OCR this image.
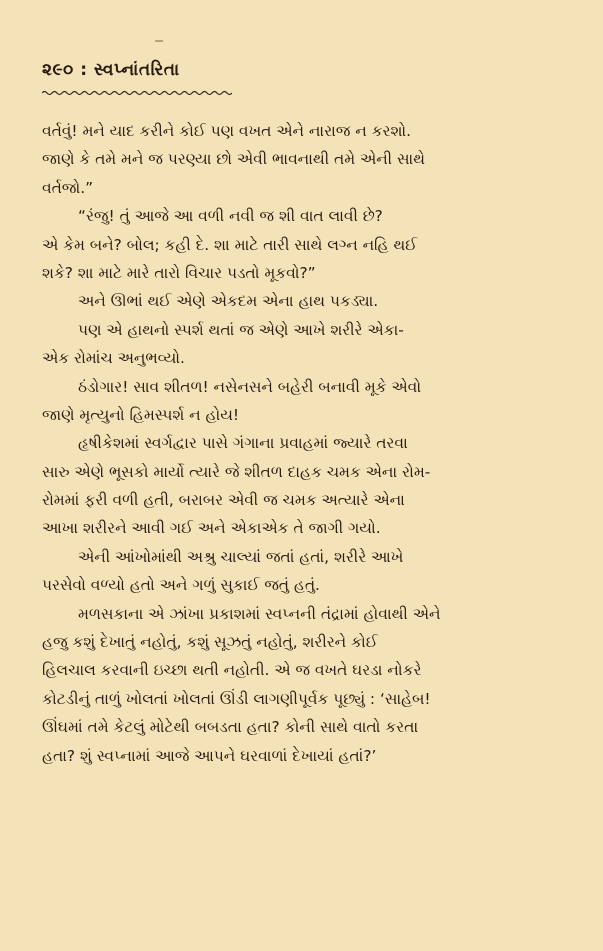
૨૯૦ : સ્વપ્નાંતરિતા
વર્તવું! મને યાદ કરીને કોઈ પણ વખત એને નારાજ ન કરશો.
જાણે કે તમે મને જ પરણ્યા છો એવી ભાવનાથી તમે એની સાથે
વર્તજો.”
“રંજુ! તું આજે આ વળી નવી જ શી વાત લાવી છે?
એ કેમ બને? બોલ; કહી દે. શા માટે તારી સાથે લગ્ન નહિ થઈ
શકે? શા માટે મારે તારો વિચાર પડતો મૂકવો?”
અને ઊભાં થઈ એણે એકદમ એના હાથ પકડ્યા.
પણ એ હાથનો સ્પર્શ થતાં જ એણે આખે શરીરે એકા-
એક રોમાંચ અનુભવ્યો.
ઠંડોગાર! સાવ શીતળ! નસેનસને બહેરી બનાવી મૂકે એવો
જાણે મૃત્યુનો હિમસ્પર્શ ન હોય!
હૃષીકેશમાં સ્વર્ગદ્વાર પાસે ગંગાના પ્રવાહમાં જ્યારે તરવા
સારુ એણે ભૂસકો માર્યો ત્યારે જે શીતળ દાહક ચમક એના રોમ-
રોમમાં ફરી વળી હતી, બરાબર એવી જ ચમક અત્યારે એના
આખા શરીરને આવી ગઈ અને એકાએક તે જાગી ગયો.
એની આંખોમાંથી અશ્રુ ચાલ્યાં જતાં હતાં, શરીરે આખે
પરસેવો વળ્યો હતો અને ગળું સુકાઈ જતું હતું.
મળસકાના એ ઝાંખા પ્રકાશમાં સ્વપ્નની તંદ્રામાં હોવાથી એને
હજુ કશું દેખાતું નહોતું, કશું સૂઝતું નહોતું, શરીરને કોઈ
હિલચાલ કરવાની ઇચ્છા થતી નહોતી. એ જ વખતે ઘરડા નોકરે
કોટડીનું તાળું ખોલતાં ખોલતાં ઊંડી લાગણીપૂર્વક પૂછ્યું : ‘સાહેબ!
ઊંઘમાં તમે કેટલું મોટેથી બબડતા હતા? કોની સાથે વાતો કરતા
હતા? શું સ્વપ્નામાં આજે આપને ઘરવાળાં દેખાયાં હતાં?’
